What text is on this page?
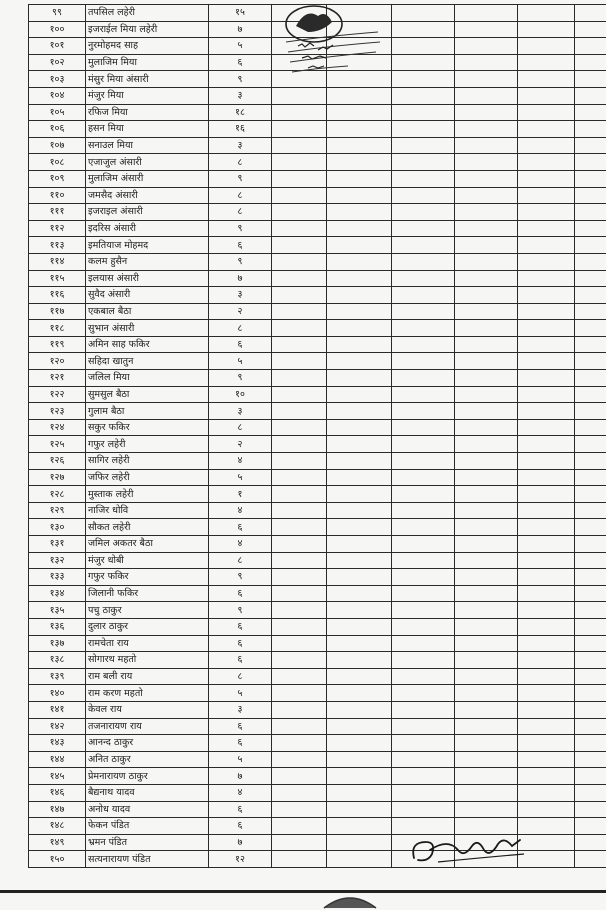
९९	तपसिल लहेरी	१५						
१००	इजराईल मिया लहेरी	७						
१०१	नुरमोहमद साह	५						
१०२	मुलाजिम मिया	६						
१०३	मंसुर मिया अंसारी	९						
१०४	मंजुर मिया	३						
१०५	रफिज मिया	१८						
१०६	हसन मिया	१६						
१०७	सनाउल मिया	३						
१०८	एजाजुल अंसारी	८						
१०९	मुलाजिम अंसारी	९						
११०	जमसैद अंसारी	८						
१११	इजराइल अंसारी	८						
११२	इदरिस अंसारी	९						
११३	इमतियाज मोहमद	६						
११४	कलम हुसैन	९						
११५	इलयास अंसारी	७						
११६	सुवैद अंसारी	३						
११७	एकबाल बैठा	२						
११८	सुभान अंसारी	८						
११९	अमिन साह फकिर	६						
१२०	सहिदा खातुन	५						
१२१	जलिल मिया	९						
१२२	सुमसुल बैठा	१०						
१२३	गुलाम बैठा	३						
१२४	सकुर फकिर	८						
१२५	गफुर लहेरी	२						
१२६	सागिर लहेरी	४						
१२७	जफिर लहेरी	५						
१२८	मुस्ताक लहेरी	१						
१२९	नाजिर धोवि	४						
१३०	सौकत लहेरी	६						
१३१	जमिल अकतर बैठा	४						
१३२	मंजुर धोबी	८						
१३३	गफुर फकिर	९						
१३४	जिलानी फकिर	६						
१३५	पचु ठाकुर	९						
१३६	दुलार ठाकुर	६						
१३७	रामचेता राय	६						
१३८	सोगारथ महतो	६						
१३९	राम बली राय	८						
१४०	राम करण महतो	५						
१४१	केवल राय	३						
१४२	तजनारायण राय	६						
१४३	आनन्द ठाकुर	६						
१४४	अनित ठाकुर	५						
१४५	प्रेमनारायण ठाकुर	७						
१४६	बैद्यनाथ यादव	४						
१४७	अनोध यादव	६						
१४८	फेकन पंडित	६						
१४९	भ्रमन पंडित	७						
१५०	सत्यनारायण पंडित	१२						
